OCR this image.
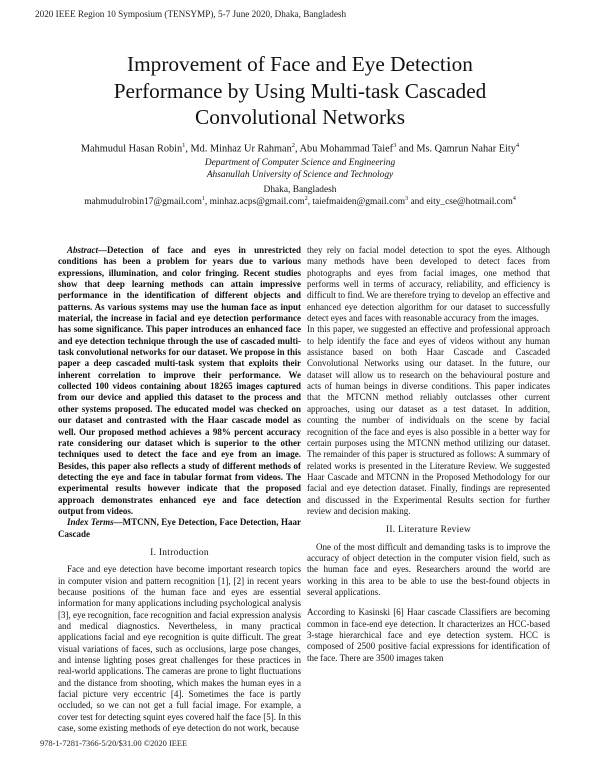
2020 IEEE Region 10 Symposium (TENSYMP), 5-7 June 2020, Dhaka, Bangladesh
Improvement of Face and Eye Detection
Performance by Using Multi-task Cascaded
Convolutional Networks
Mahmudul Hasan Robin$^1$, Md. Minhaz Ur Rahman$^2$, Abu Mohammad Taief$^3$ and Ms. Qamrun Nahar Eity$^4$
Department of Computer Science and Engineering
Ahsanullah University of Science and Technology
Dhaka, Bangladesh
mahmudulrobin17@gmail.com$^1$, minhaz.acps@gmail.com$^2$, taiefmaiden@gmail.com$^3$ and eity_cse@hotmail.com$^4$

Abstract—Detection of face and eyes in unrestricted conditions has been a problem for years due to various expressions, illumination, and color fringing. Recent studies show that deep learning methods can attain impressive performance in the identification of different objects and patterns. As various systems may use the human face as input material, the increase in facial and eye detection performance has some significance. This paper introduces an enhanced face and eye detection technique through the use of cascaded multi-task convolutional networks for our dataset. We propose in this paper a deep cascaded multi-task system that exploits their inherent correlation to improve their performance. We collected 100 videos containing about 18265 images captured from our device and applied this dataset to the process and other systems proposed. The educated model was checked on our dataset and contrasted with the Haar cascade model as well. Our proposed method achieves a 98% percent accuracy rate considering our dataset which is superior to the other techniques used to detect the face and eye from an image. Besides, this paper also reflects a study of different methods of detecting the eye and face in tabular format from videos. The experimental results however indicate that the proposed approach demonstrates enhanced eye and face detection output from videos.

Index Terms—MTCNN, Eye Detection, Face Detection, Haar Cascade

I. Introduction

Face and eye detection have become important research topics in computer vision and pattern recognition [1], [2] in recent years because positions of the human face and eyes are essential information for many applications including psychological analysis [3], eye recognition, face recognition and facial expression analysis and medical diagnostics. Nevertheless, in many practical applications facial and eye recognition is quite difficult. The great visual variations of faces, such as occlusions, large pose changes, and intense lighting poses great challenges for these practices in real-world applications. The cameras are prone to light fluctuations and the distance from shooting, which makes the human eyes in a facial picture very eccentric [4]. Sometimes the face is partly occluded, so we can not get a full facial image. For example, a cover test for detecting squint eyes covered half the face [5]. In this case, some existing methods of eye detection do not work, because

they rely on facial model detection to spot the eyes. Although many methods have been developed to detect faces from photographs and eyes from facial images, one method that performs well in terms of accuracy, reliability, and efficiency is difficult to find. We are therefore trying to develop an effective and enhanced eye detection algorithm for our dataset to successfully detect eyes and faces with reasonable accuracy from the images.

In this paper, we suggested an effective and professional approach to help identify the face and eyes of videos without any human assistance based on both Haar Cascade and Cascaded Convolutional Networks using our dataset. In the future, our dataset will allow us to research on the behavioural posture and acts of human beings in diverse conditions. This paper indicates that the MTCNN method reliably outclasses other current approaches, using our dataset as a test dataset. In addition, counting the number of individuals on the scene by facial recognition of the face and eyes is also possible in a better way for certain purposes using the MTCNN method utilizing our dataset. The remainder of this paper is structured as follows: A summary of related works is presented in the Literature Review. We suggested Haar Cascade and MTCNN in the Proposed Methodology for our facial and eye detection dataset. Finally, findings are represented and discussed in the Experimental Results section for further review and decision making.

II. Literature Review

One of the most difficult and demanding tasks is to improve the accuracy of object detection in the computer vision field, such as the human face and eyes. Researchers around the world are working in this area to be able to use the best-found objects in several applications.

According to Kasinski [6] Haar cascade Classifiers are becoming common in face-end eye detection. It characterizes an HCC-based 3-stage hierarchical face and eye detection system. HCC is composed of 2500 positive facial expressions for identification of the face. There are 3500 images taken

978-1-7281-7366-5/20/$31.00 ©2020 IEEE
